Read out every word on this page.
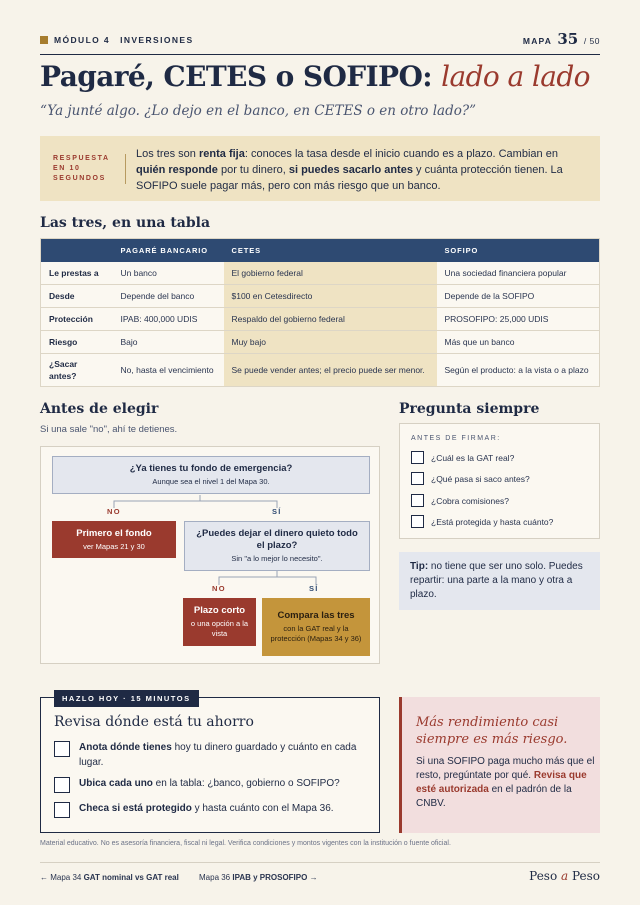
MÓDULO 4 INVERSIONES	MAPA 35 / 50
Pagaré, CETES o SOFIPO: lado a lado
“Ya junté algo. ¿Lo dejo en el banco, en CETES o en otro lado?”
RESPUESTA
EN 10
SEGUNDOS
Los tres son renta fija: conoces la tasa desde el inicio cuando es a plazo. Cambian en quién responde por tu dinero, si puedes sacarlo antes y cuánta protección tienen. La SOFIPO suele pagar más, pero con más riesgo que un banco.
Las tres, en una tabla
	PAGARÉ BANCARIO	CETES	SOFIPO
Le prestas a	Un banco	El gobierno federal	Una sociedad financiera popular
Desde	Depende del banco	$100 en Cetesdirecto	Depende de la SOFIPO
Protección	IPAB: 400,000 UDIS	Respaldo del gobierno federal	PROSOFIPO: 25,000 UDIS
Riesgo	Bajo	Muy bajo	Más que un banco
¿Sacar antes?	No, hasta el vencimiento	Se puede vender antes; el precio puede ser menor.	Según el producto: a la vista o a plazo
Antes de elegir
Si una sale "no", ahí te detienes.
¿Ya tienes tu fondo de emergencia?
Aunque sea el nivel 1 del Mapa 30.
NO	SÍ
Primero el fondo
ver Mapas 21 y 30
¿Puedes dejar el dinero quieto todo el plazo?
Sin "a lo mejor lo necesito".
NO	SÍ
Plazo corto
o una opción a la vista
Compara las tres
con la GAT real y la protección (Mapas 34 y 36)
Pregunta siempre
ANTES DE FIRMAR:
¿Cuál es la GAT real?
¿Qué pasa si saco antes?
¿Cobra comisiones?
¿Está protegida y hasta cuánto?
Tip: no tiene que ser uno solo. Puedes repartir: una parte a la mano y otra a plazo.
HAZLO HOY · 15 MINUTOS
Revisa dónde está tu ahorro
Anota dónde tienes hoy tu dinero guardado y cuánto en cada lugar.
Ubica cada uno en la tabla: ¿banco, gobierno o SOFIPO?
Checa si está protegido y hasta cuánto con el Mapa 36.
Más rendimiento casi siempre es más riesgo.
Si una SOFIPO paga mucho más que el resto, pregúntate por qué. Revisa que esté autorizada en el padrón de la CNBV.
Material educativo. No es asesoría financiera, fiscal ni legal. Verifica condiciones y montos vigentes con la institución o fuente oficial.
← Mapa 34 GAT nominal vs GAT real	Mapa 36 IPAB y PROSOFIPO →	Peso a Peso
